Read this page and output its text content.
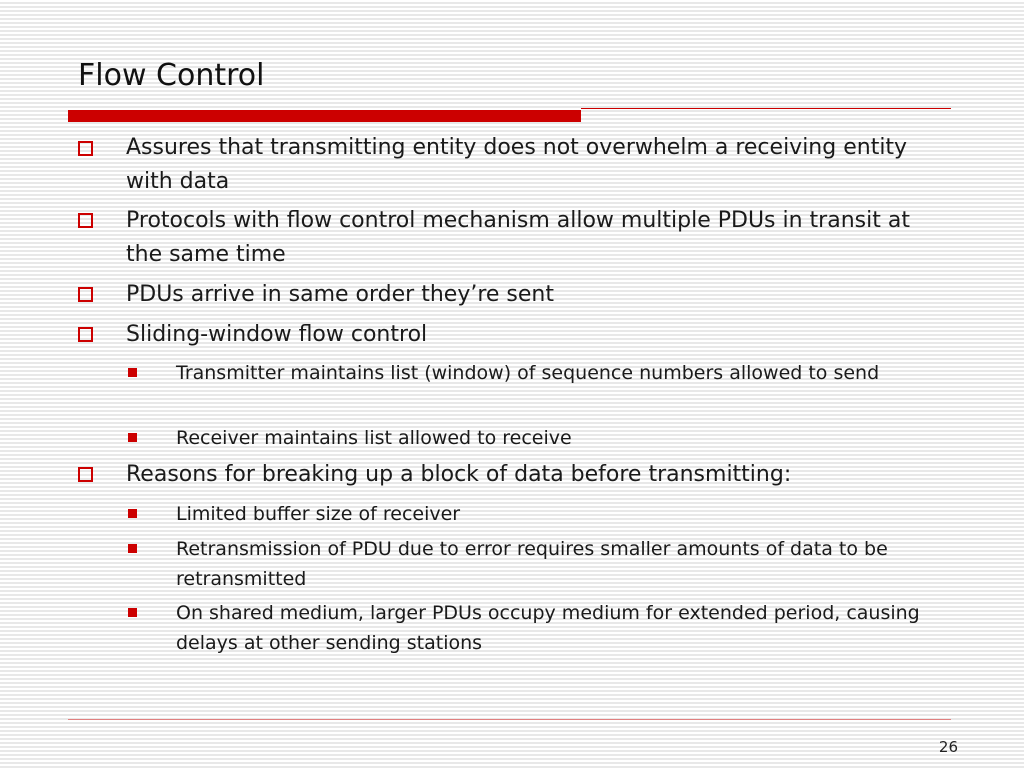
Flow Control
Assures that transmitting entity does not overwhelm a receiving entity with data
Protocols with flow control mechanism allow multiple PDUs in transit at the same time
PDUs arrive in same order they’re sent
Sliding-window flow control
Transmitter maintains list (window) of sequence numbers allowed to send
Receiver maintains list allowed to receive
Reasons for breaking up a block of data before transmitting:
Limited buffer size of receiver
Retransmission of PDU due to error requires smaller amounts of data to be retransmitted
On shared medium, larger PDUs occupy medium for extended period, causing delays at other sending stations
26
